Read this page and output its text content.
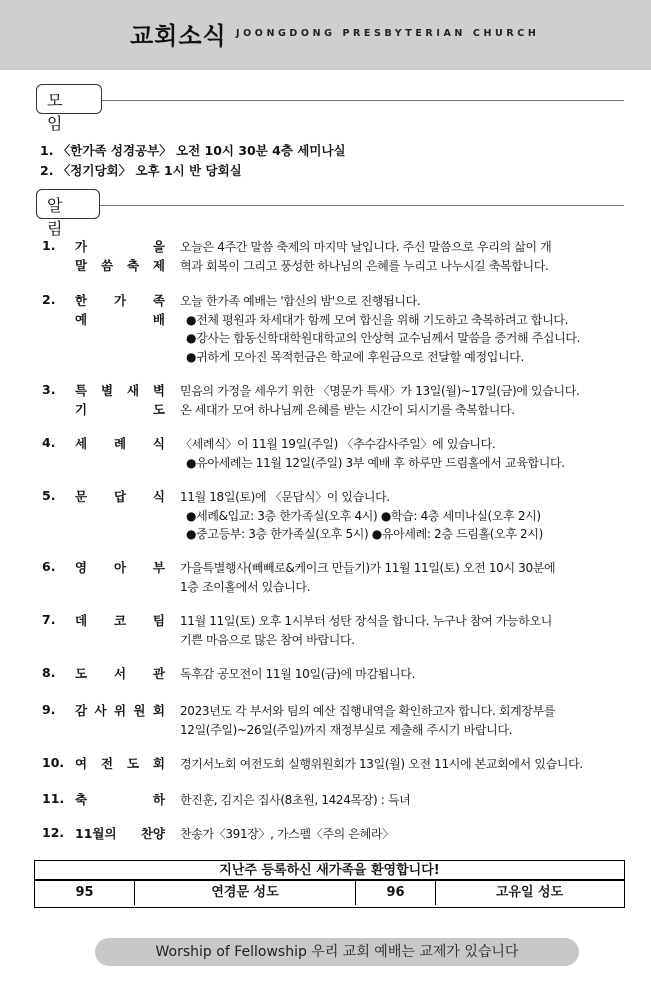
교회소식 JOONGDONG PRESBYTERIAN CHURCH
모 임
1. 〈한가족 성경공부〉 오전 10시 30분 4층 세미나실
2. 〈정기당회〉 오후 1시 반 당회실
알 림
1. 가 을
말 씀 축 제
오늘은 4주간 말씀 축제의 마지막 날입니다. 주신 말씀으로 우리의 삶이 개
혁과 회복이 그리고 풍성한 하나님의 은혜를 누리고 나누시길 축복합니다.
2. 한 가 족
예 배
오늘 한가족 예배는 '합신의 밤'으로 진행됩니다.
●전체 평원과 차세대가 함께 모여 합신을 위해 기도하고 축복하려고 합니다.
●강사는 합동신학대학원대학교의 안상혁 교수님께서 말씀을 증거해 주십니다.
●귀하게 모아진 목적헌금은 학교에 후원금으로 전달할 예정입니다.
3. 특 별 새 벽
기 도
믿음의 가정을 세우기 위한 〈명문가 특새〉가 13일(월)~17일(금)에 있습니다.
온 세대가 모여 하나님께 은혜를 받는 시간이 되시기를 축복합니다.
4. 세 례 식 〈세례식〉이 11월 19일(주일) 〈추수감사주일〉에 있습니다.
●유아세례는 11월 12일(주일) 3부 예배 후 하루만 드림홀에서 교육합니다.
5. 문 답 식 11월 18일(토)에 〈문답식〉이 있습니다.
●세례&입교: 3층 한가족실(오후 4시) ●학습: 4층 세미나실(오후 2시)
●중고등부: 3층 한가족실(오후 5시) ●유아세례: 2층 드림홀(오후 2시)
6. 영 아 부 가을특별행사(빼빼로&케이크 만들기)가 11월 11일(토) 오전 10시 30분에
1층 조이홀에서 있습니다.
7. 데 코 팀 11월 11일(토) 오후 1시부터 성탄 장식을 합니다. 누구나 참여 가능하오니
기쁜 마음으로 많은 참여 바랍니다.
8. 도 서 관 독후감 공모전이 11월 10일(금)에 마감됩니다.
9. 감 사 위 원 회 2023년도 각 부서와 팀의 예산 집행내역을 확인하고자 합니다. 회계장부를
12일(주일)~26일(주일)까지 재정부실로 제출해 주시기 바랍니다.
10. 여 전 도 회 경기서노회 여전도회 실행위원회가 13일(월) 오전 11시에 본교회에서 있습니다.
11. 축 하 한진훈, 김지은 집사(8초원, 1424목장) : 득녀
12. 11월의 찬양 찬송가〈391장〉, 가스펠〈주의 은혜라〉
지난주 등록하신 새가족을 환영합니다!
95	연경문 성도	96	고유일 성도
Worship of Fellowship 우리 교회 예배는 교제가 있습니다
